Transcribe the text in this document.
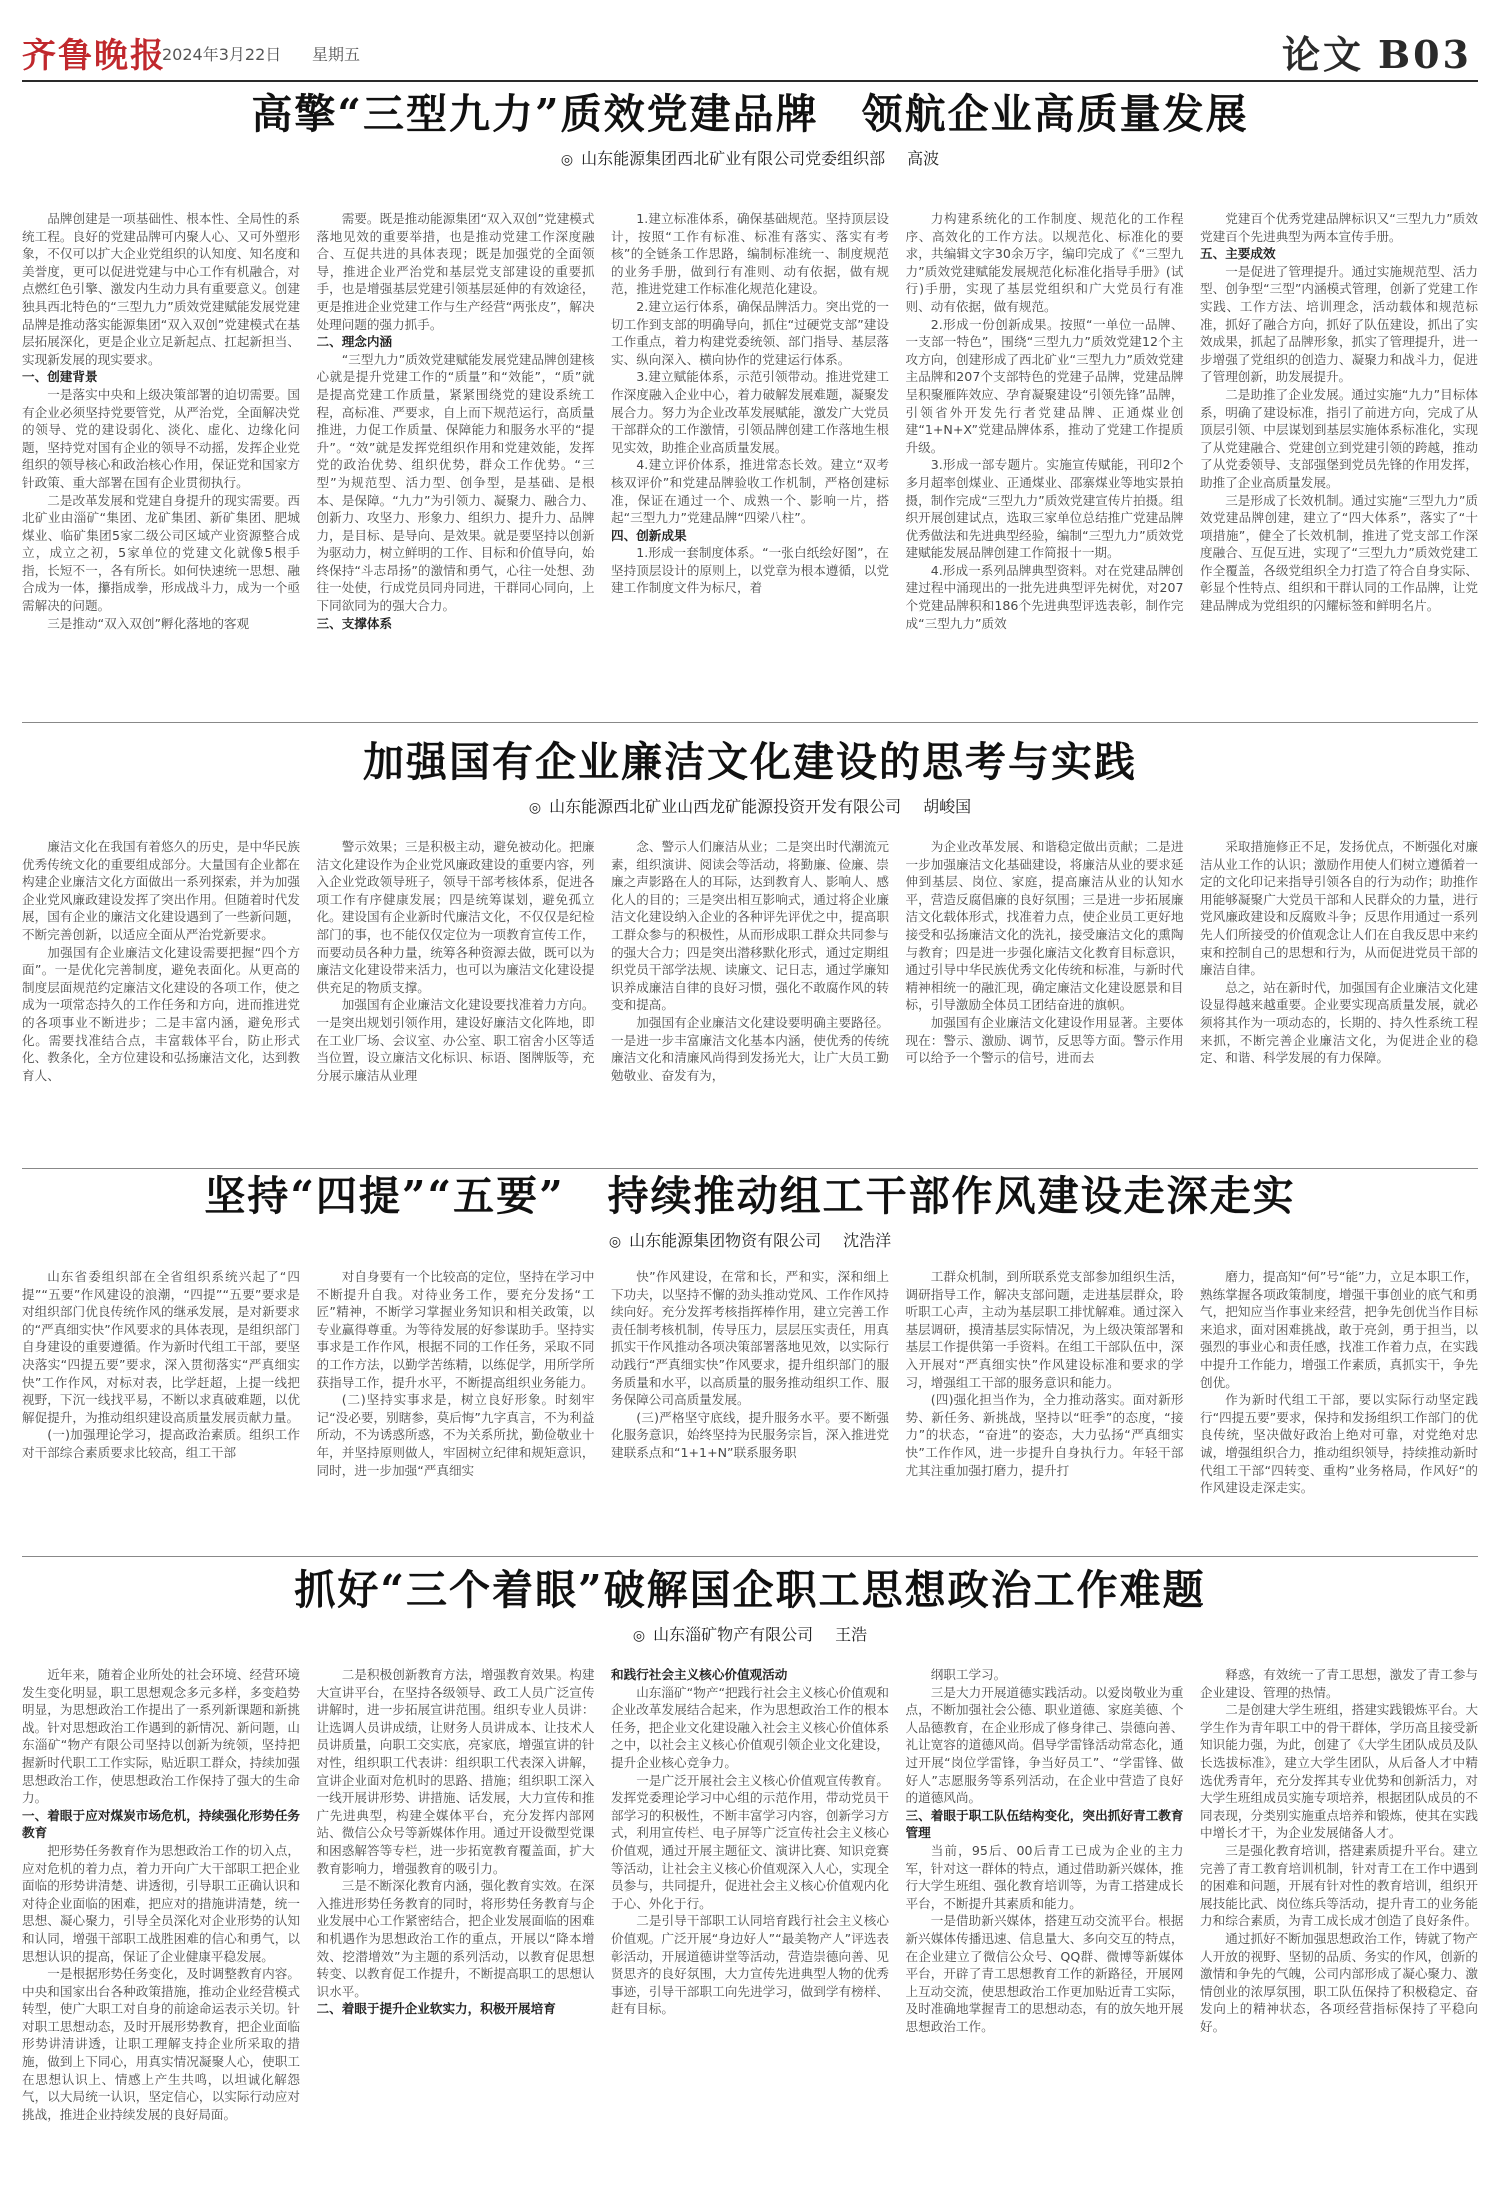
齐鲁晚报
2024年3月22日 星期五	论文 B03
高擎“三型九力”质效党建品牌　领航企业高质量发展
◎ 山东能源集团西北矿业有限公司党委组织部 高波

品牌创建是一项基础性、根本性、全局性的系统工程。良好的党建品牌可内聚人心、又可外塑形象，不仅可以扩大企业党组织的认知度、知名度和美誉度，更可以促进党建与中心工作有机融合，对点燃红色引擎、激发内生动力具有重要意义。创建独具西北特色的“三型九力”质效党建赋能发展党建品牌是推动落实能源集团“双入双创”党建模式在基层拓展深化，更是企业立足新起点、扛起新担当、实现新发展的现实要求。

一、创建背景

一是落实中央和上级决策部署的迫切需要。国有企业必须坚持党要管党，从严治党，全面解决党的领导、党的建设弱化、淡化、虚化、边缘化问题，坚持党对国有企业的领导不动摇，发挥企业党组织的领导核心和政治核心作用，保证党和国家方针政策、重大部署在国有企业贯彻执行。

二是改革发展和党建自身提升的现实需要。西北矿业由淄矿“集团、龙矿集团、新矿集团、肥城煤业、临矿集团5家二级公司区域产业资源整合成立，成立之初，5家单位的党建文化就像5根手指，长短不一，各有所长。如何快速统一思想、融合成为一体，攥指成拳，形成战斗力，成为一个亟需解决的问题。

三是推动“双入双创”孵化落地的客观

需要。既是推动能源集团“双入双创”党建模式落地见效的重要举措，也是推动党建工作深度融合、互促共进的具体表现；既是加强党的全面领导，推进企业严治党和基层党支部建设的重要抓手，也是增强基层党建引领基层延伸的有效途径，更是推进企业党建工作与生产经营“两张皮”，解决处理问题的强力抓手。

二、理念内涵

“三型九力”质效党建赋能发展党建品牌创建核心就是提升党建工作的“质量”和“效能”，“质”就是提高党建工作质量，紧紧围绕党的建设系统工程，高标准、严要求，自上而下规范运行，高质量推进，力促工作质量、保障能力和服务水平的“提升”。“效”就是发挥党组织作用和党建效能，发挥党的政治优势、组织优势，群众工作优势。“三型”为规范型、活力型、创争型，是基础、是根本、是保障。“九力”为引领力、凝聚力、融合力、创新力、攻坚力、形象力、组织力、提升力、品牌力，是目标、是导向、是效果。就是要坚持以创新为驱动力，树立鲜明的工作、目标和价值导向，始终保持“斗志昂扬”的激情和勇气，心往一处想、劲往一处使，行成党员同舟同进，干群同心同向，上下同欲同为的强大合力。

三、支撑体系

1.建立标准体系，确保基础规范。坚持顶层设计，按照“工作有标准、标准有落实、落实有考核”的全链条工作思路，编制标准统一、制度规范的业务手册，做到行有准则、动有依据，做有规范，推进党建工作标准化规范化建设。

2.建立运行体系，确保品牌活力。突出党的一切工作到支部的明确导向，抓住“过硬党支部”建设工作重点，着力构建党委统领、部门指导、基层落实、纵向深入、横向协作的党建运行体系。

3.建立赋能体系，示范引领带动。推进党建工作深度融入企业中心，着力破解发展难题，凝聚发展合力。努力为企业改革发展赋能，激发广大党员干部群众的工作激情，引领品牌创建工作落地生根见实效，助推企业高质量发展。

4.建立评价体系，推进常态长效。建立“双考核双评价”和党建品牌验收工作机制，严格创建标准，保证在通过一个、成熟一个、影响一片，搭起“三型九力”党建品牌“四梁八柱”。

四、创新成果

1.形成一套制度体系。“一张白纸绘好图”，在坚持顶层设计的原则上，以党章为根本遵循，以党建工作制度文件为标尺，着

力构建系统化的工作制度、规范化的工作程序、高效化的工作方法。以规范化、标准化的要求，共编辑文字30余万字，编印完成了《“三型九力”质效党建赋能发展规范化标准化指导手册》(试行)手册，实现了基层党组织和广大党员行有准则、动有依据，做有规范。

2.形成一份创新成果。按照“一单位一品牌、一支部一特色”，围绕“三型九力”质效党建12个主攻方向，创建形成了西北矿业“三型九力”质效党建主品牌和207个支部特色的党建子品牌，党建品牌呈积聚雁阵效应、孕育凝聚建设“引领先锋”品牌，引领省外开发先行者党建品牌、正通煤业创建“1+N+X”党建品牌体系，推动了党建工作提质升级。

3.形成一部专题片。实施宣传赋能，刊印2个多月超率创煤业、正通煤业、邵寨煤业等地实景拍摄，制作完成“三型九力”质效党建宣传片拍摄。组织开展创建试点，选取三家单位总结推广党建品牌优秀做法和先进典型经验，编制“三型九力”质效党建赋能发展品牌创建工作简报十一期。

4.形成一系列品牌典型资料。对在党建品牌创建过程中涌现出的一批先进典型评先树优，对207个党建品牌积和186个先进典型评选表彰，制作完成“三型九力”质效

党建百个优秀党建品牌标识又“三型九力”质效党建百个先进典型为两本宣传手册。

五、主要成效

一是促进了管理提升。通过实施规范型、活力型、创争型“三型”内涵模式管理，创新了党建工作实践、工作方法、培训理念，活动载体和规范标准，抓好了融合方向，抓好了队伍建设，抓出了实效成果，抓起了品牌形象，抓实了管理提升，进一步增强了党组织的创造力、凝聚力和战斗力，促进了管理创新，助发展提升。

二是助推了企业发展。通过实施“九力”目标体系，明确了建设标准，指引了前进方向，完成了从顶层引领、中层谋划到基层实施体系标准化，实现了从党建融合、党建创立到党建引领的跨越，推动了从党委领导、支部强堡到党员先锋的作用发挥，助推了企业高质量发展。

三是形成了长效机制。通过实施“三型九力”质效党建品牌创建，建立了“四大体系”，落实了“十项措施”，健全了长效机制，推进了党支部工作深度融合、互促互进，实现了“三型九力”质效党建工作全覆盖，各级党组织全力打造了符合自身实际、彰显个性特点、组织和干群认同的工作品牌，让党建品牌成为党组织的闪耀标签和鲜明名片。

加强国有企业廉洁文化建设的思考与实践
◎ 山东能源西北矿业山西龙矿能源投资开发有限公司 胡峻国

廉洁文化在我国有着悠久的历史，是中华民族优秀传统文化的重要组成部分。大量国有企业都在构建企业廉洁文化方面做出一系列探索，并为加强企业党风廉政建设发挥了突出作用。但随着时代发展，国有企业的廉洁文化建设遇到了一些新问题，不断完善创新，以适应全面从严治党新要求。

加强国有企业廉洁文化建设需要把握“四个方面”。一是优化完善制度，避免表面化。从更高的制度层面规范约定廉洁文化建设的各项工作，使之成为一项常态持久的工作任务和方向，进而推进党的各项事业不断进步；二是丰富内涵，避免形式化。需要找准结合点，丰富载体平台，防止形式化、教条化，全方位建设和弘扬廉洁文化，达到教育人、

警示效果；三是积极主动，避免被动化。把廉洁文化建设作为企业党风廉政建设的重要内容，列入企业党政领导班子，领导干部考核体系，促进各项工作有序健康发展；四是统筹谋划，避免孤立化。建设国有企业新时代廉洁文化，不仅仅是纪检部门的事，也不能仅仅定位为一项教育宣传工作，而要动员各种力量，统筹各种资源去做，既可以为廉洁文化建设带来活力，也可以为廉洁文化建设提供充足的物质支撑。

加强国有企业廉洁文化建设要找准着力方向。一是突出规划引领作用，建设好廉洁文化阵地，即在工业厂场、会议室、办公室、职工宿舍小区等适当位置，设立廉洁文化标识、标语、图牌版等，充分展示廉洁从业理

念、警示人们廉洁从业；二是突出时代潮流元素，组织演讲、阅读会等活动，将勤廉、俭廉、崇廉之声影路在人的耳际，达到教育人、影响人、感化人的目的；三是突出相互影响式，通过将企业廉洁文化建设纳入企业的各种评先评优之中，提高职工群众参与的积极性，从而形成职工群众共同参与的强大合力；四是突出潜移默化形式，通过定期组织党员干部学法规、读廉文、记日志，通过学廉知识养成廉洁自律的良好习惯，强化不敢腐作风的转变和提高。

加强国有企业廉洁文化建设要明确主要路径。一是进一步丰富廉洁文化基本内涵，使优秀的传统廉洁文化和清廉风尚得到发扬光大，让广大员工勤勉敬业、奋发有为，

为企业改革发展、和谐稳定做出贡献；二是进一步加强廉洁文化基础建设，将廉洁从业的要求延伸到基层、岗位、家庭，提高廉洁从业的认知水平，营造反腐倡廉的良好氛围；三是进一步拓展廉洁文化载体形式，找准着力点，使企业员工更好地接受和弘扬廉洁文化的洗礼，接受廉洁文化的熏陶与教育；四是进一步强化廉洁文化教育目标意识，通过引导中华民族优秀文化传统和标准，与新时代精神相统一的融汇现，确定廉洁文化建设愿景和目标，引导激励全体员工团结奋进的旗帜。

加强国有企业廉洁文化建设作用显著。主要体现在：警示、激励、调节，反思等方面。警示作用可以给予一个警示的信号，进而去

采取措施修正不足，发扬优点，不断强化对廉洁从业工作的认识；激励作用使人们树立遵循着一定的文化印记来指导引领各自的行为动作；助推作用能够凝聚广大党员干部和人民群众的力量，进行党风廉政建设和反腐败斗争；反思作用通过一系列先人们所接受的价值观念让人们在自我反思中来约束和控制自己的思想和行为，从而促进党员干部的廉洁自律。

总之，站在新时代，加强国有企业廉洁文化建设显得越来越重要。企业要实现高质量发展，就必须将其作为一项动态的，长期的、持久性系统工程来抓，不断完善企业廉洁文化，为促进企业的稳定、和谐、科学发展的有力保障。

坚持“四提”“五要”　持续推动组工干部作风建设走深走实
◎ 山东能源集团物资有限公司 沈浩洋

山东省委组织部在全省组织系统兴起了“四提”“五要”作风建设的浪潮，“四提”“五要”要求是对组织部门优良传统作风的继承发展，是对新要求的“严真细实快”作风要求的具体表现，是组织部门自身建设的重要遵循。作为新时代组工干部，要坚决落实“四提五要”要求，深入贯彻落实“严真细实快”工作作风，对标对表，比学赶超，上提一线把视野，下沉一线找平易，不断以求真破难题，以优解促提升，为推动组织建设高质量发展贡献力量。

(一)加强理论学习，提高政治素质。组织工作对干部综合素质要求比较高，组工干部

对自身要有一个比较高的定位，坚持在学习中不断提升自我。对待业务工作，要充分发扬“工匠”精神，不断学习掌握业务知识和相关政策，以专业赢得尊重。为等待发展的好参谋助手。坚持实事求是工作作风，根据不同的工作任务，采取不同的工作方法，以勤学苦练精，以练促学，用所学所获指导工作，提升水平，不断提高组织业务能力。

(二)坚持实事求是，树立良好形象。时刻牢记“没必要，别瞎参，莫后悔”九字真言，不为利益所动，不为诱惑所惑，不为关系所扰，勤俭敬业十年，并坚持原则做人，牢固树立纪律和规矩意识，同时，进一步加强“严真细实

快”作风建设，在常和长，严和实，深和细上下功夫，以坚持不懈的劲头推动党风、工作作风持续向好。充分发挥考核指挥棒作用，建立完善工作责任制考核机制，传导压力，层层压实责任，用真抓实干作风推动各项决策部署落地见效，以实际行动践行“严真细实快”作风要求，提升组织部门的服务质量和水平，以高质量的服务推动组织工作、服务保障公司高质量发展。

(三)严格坚守底线，提升服务水平。要不断强化服务意识，始终坚持为民服务宗旨，深入推进党建联系点和“1+1+N”联系服务职

工群众机制，到所联系党支部参加组织生活，调研指导工作，解决支部问题，走进基层群众，聆听职工心声，主动为基层职工排忧解难。通过深入基层调研，摸清基层实际情况，为上级决策部署和基层工作提供第一手资料。在组工干部队伍中，深入开展对“严真细实快”作风建设标准和要求的学习，增强组工干部的服务意识和能力。

(四)强化担当作为，全力推动落实。面对新形势、新任务、新挑战，坚持以“旺季”的态度，“接力”的状态，“奋进”的姿态，大力弘扬“严真细实快”工作作风，进一步提升自身执行力。年轻干部尤其注重加强打磨力，提升打

磨力，提高知“何”号“能”力，立足本职工作，熟练掌握各项政策制度，增强干事创业的底气和勇气，把知应当作事业来经营，把争先创优当作目标来追求，面对困难挑战，敢于亮剑，勇于担当，以强烈的事业心和责任感，找准工作着力点，在实践中提升工作能力，增强工作素质，真抓实干，争先创优。

作为新时代组工干部，要以实际行动坚定践行“四提五要”要求，保持和发扬组织工作部门的优良传统，坚决做好政治上绝对可靠，对党绝对忠诚，增强组织合力，推动组织领导，持续推动新时代组工干部“四转变、重构”业务格局，作风好“的作风建设走深走实。

抓好“三个着眼”破解国企职工思想政治工作难题
◎ 山东淄矿物产有限公司 王浩

近年来，随着企业所处的社会环境、经营环境发生变化明显，职工思想观念多元多样，多变趋势明显，为思想政治工作提出了一系列新课题和新挑战。针对思想政治工作遇到的新情况、新问题，山东淄矿“物产有限公司坚持以创新为统领，坚持把握新时代职工工作实际，贴近职工群众，持续加强思想政治工作，使思想政治工作保持了强大的生命力。

一、着眼于应对煤炭市场危机，持续强化形势任务教育

把形势任务教育作为思想政治工作的切入点，应对危机的着力点，着力开向广大干部职工把企业面临的形势讲清楚、讲透彻，引导职工正确认识和对待企业面临的困难，把应对的措施讲清楚，统一思想、凝心聚力，引导全员深化对企业形势的认知和认同，增强干部职工战胜困难的信心和勇气，以思想认识的提高，保证了企业健康平稳发展。

一是根据形势任务变化，及时调整教育内容。中央和国家出台各种政策措施，推动企业经营模式转型，使广大职工对自身的前途命运表示关切。针对职工思想动态，及时开展形势教育，把企业面临形势讲清讲透，让职工理解支持企业所采取的措施，做到上下同心，用真实情况凝聚人心，使职工在思想认识上、情感上产生共鸣，以坦诚化解怨气，以大局统一认识，坚定信心，以实际行动应对挑战，推进企业持续发展的良好局面。

二是积极创新教育方法，增强教育效果。构建大宣讲平台，在坚持各级领导、政工人员广泛宣传讲解时，进一步拓展宣讲范围。组织专业人员讲：让选调人员讲成绩，让财务人员讲成本、让技术人员讲质量，向职工交实底，亮家底，增强宣讲的针对性，组织职工代表讲：组织职工代表深入讲解，宣讲企业面对危机时的思路、措施；组织职工深入一线开展讲形势、讲措施、话发展，大力宣传和推广先进典型，构建全媒体平台，充分发挥内部网站、微信公众号等新媒体作用。通过开设微型党课和困惑解答等专栏，进一步拓宽教育覆盖面，扩大教育影响力，增强教育的吸引力。

三是不断深化教育内涵，强化教育实效。在深入推进形势任务教育的同时，将形势任务教育与企业发展中心工作紧密结合，把企业发展面临的困难和机遇作为思想政治工作的重点，开展以“降本增效、挖潜增效”为主题的系列活动，以教育促思想转变、以教育促工作提升，不断提高职工的思想认识水平。

二、着眼于提升企业软实力，积极开展培育

和践行社会主义核心价值观活动

山东淄矿“物产“把践行社会主义核心价值观和企业改革发展结合起来，作为思想政治工作的根本任务，把企业文化建设融入社会主义核心价值体系之中，以社会主义核心价值观引领企业文化建设，提升企业核心竞争力。

一是广泛开展社会主义核心价值观宣传教育。发挥党委理论学习中心组的示范作用，带动党员干部学习的积极性，不断丰富学习内容，创新学习方式，利用宣传栏、电子屏等广泛宣传社会主义核心价值观，通过开展主题征文、演讲比赛、知识竞赛等活动，让社会主义核心价值观深入人心，实现全员参与，共同提升，促进社会主义核心价值观内化于心、外化于行。

二是引导干部职工认同培育践行社会主义核心价值观。广泛开展“身边好人”“最美物产人”评选表彰活动，开展道德讲堂等活动，营造崇德向善、见贤思齐的良好氛围，大力宣传先进典型人物的优秀事迹，引导干部职工向先进学习，做到学有榜样、赶有目标。

纲职工学习。

三是大力开展道德实践活动。以爱岗敬业为重点，不断加强社会公德、职业道德、家庭美德、个人品德教育，在企业形成了修身律己、崇德向善、礼让宽容的道德风尚。倡导学雷锋活动常态化，通过开展“岗位学雷锋，争当好员工”、“学雷锋、做好人”志愿服务等系列活动，在企业中营造了良好的道德风尚。

三、着眼于职工队伍结构变化，突出抓好青工教育管理

当前，95后、00后青工已成为企业的主力军，针对这一群体的特点，通过借助新兴媒体，推行大学生班组、强化教育培训等，为青工搭建成长平台，不断提升其素质和能力。

一是借助新兴媒体，搭建互动交流平台。根据新兴媒体传播迅速、信息量大、多向交互的特点，在企业建立了微信公众号、QQ群、微博等新媒体平台，开辟了青工思想教育工作的新路径，开展网上互动交流，使思想政治工作更加贴近青工实际，及时准确地掌握青工的思想动态，有的放矢地开展思想政治工作。

释惑，有效统一了青工思想，激发了青工参与企业建设、管理的热情。

二是创建大学生班组，搭建实践锻炼平台。大学生作为青年职工中的骨干群体，学历高且接受新知识能力强，为此，创建了《大学生团队成员及队长选拔标准》，建立大学生团队，从后备人才中精选优秀青年，充分发挥其专业优势和创新活力，对大学生班组成员实施专项培养，根据团队成员的不同表现，分类别实施重点培养和锻炼，使其在实践中增长才干，为企业发展储备人才。

三是强化教育培训，搭建素质提升平台。建立完善了青工教育培训机制，针对青工在工作中遇到的困难和问题，开展有针对性的教育培训，组织开展技能比武、岗位练兵等活动，提升青工的业务能力和综合素质，为青工成长成才创造了良好条件。

通过抓好不断加强思想政治工作，铸就了物产人开放的视野、坚韧的品质、务实的作风，创新的激情和争先的气魄，公司内部形成了凝心聚力、激情创业的浓厚氛围，职工队伍保持了积极稳定、奋发向上的精神状态，各项经营指标保持了平稳向好。
